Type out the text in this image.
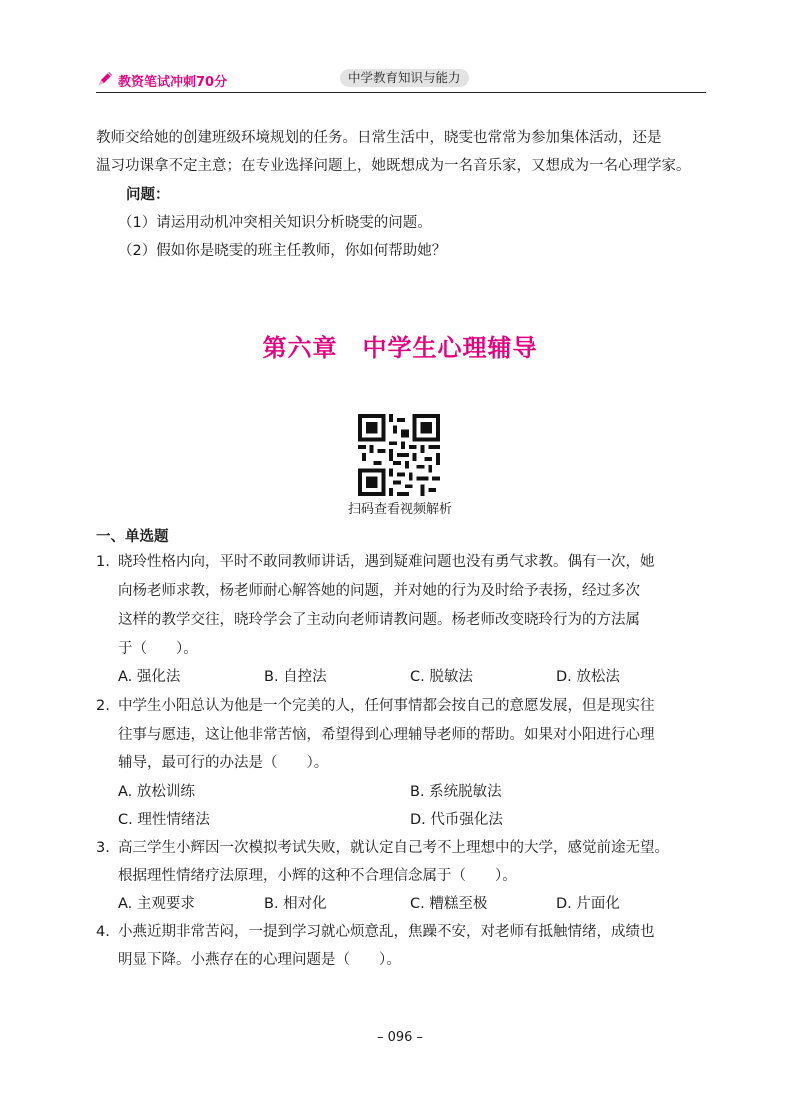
教资笔试冲刺70分	中学教育知识与能力
教师交给她的创建班级环境规划的任务。日常生活中，晓雯也常常为参加集体活动，还是
温习功课拿不定主意；在专业选择问题上，她既想成为一名音乐家，又想成为一名心理学家。
问题：
（1）请运用动机冲突相关知识分析晓雯的问题。
（2）假如你是晓雯的班主任教师，你如何帮助她？
第六章　中学生心理辅导
扫码查看视频解析
一、单选题
1. 晓玲性格内向，平时不敢同教师讲话，遇到疑难问题也没有勇气求教。偶有一次，她
向杨老师求教，杨老师耐心解答她的问题，并对她的行为及时给予表扬，经过多次
这样的教学交往，晓玲学会了主动向老师请教问题。杨老师改变晓玲行为的方法属
于（　　）。
A. 强化法	B. 自控法	C. 脱敏法	D. 放松法
2. 中学生小阳总认为他是一个完美的人，任何事情都会按自己的意愿发展，但是现实往
往事与愿违，这让他非常苦恼，希望得到心理辅导老师的帮助。如果对小阳进行心理
辅导，最可行的办法是（　　）。
A. 放松训练	B. 系统脱敏法
C. 理性情绪法	D. 代币强化法
3. 高三学生小辉因一次模拟考试失败，就认定自己考不上理想中的大学，感觉前途无望。
根据理性情绪疗法原理，小辉的这种不合理信念属于（　　）。
A. 主观要求	B. 相对化	C. 糟糕至极	D. 片面化
4. 小燕近期非常苦闷，一提到学习就心烦意乱，焦躁不安，对老师有抵触情绪，成绩也
明显下降。小燕存在的心理问题是（　　）。
– 096 –
